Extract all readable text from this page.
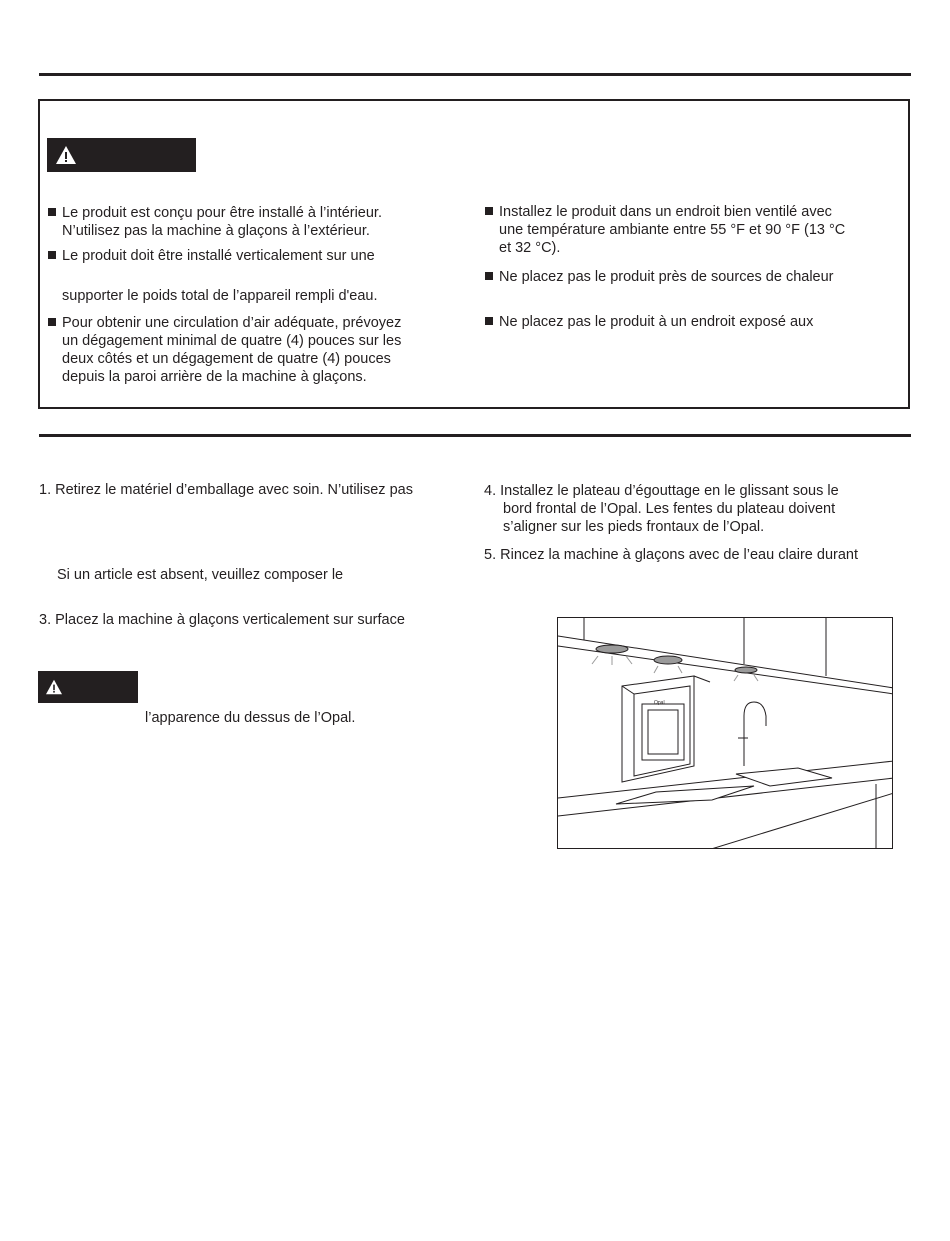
Le produit est conçu pour être installé à l’intérieur.
N’utilisez pas la machine à glaçons à l’extérieur.
Le produit doit être installé verticalement sur une
supporter le poids total de l’appareil rempli d'eau.
Pour obtenir une circulation d’air adéquate, prévoyez
un dégagement minimal de quatre (4) pouces sur les
deux côtés et un dégagement de quatre (4) pouces
depuis la paroi arrière de la machine à glaçons.
Installez le produit dans un endroit bien ventilé avec
une température ambiante entre 55 °F et 90 °F (13 °C
et 32 °C).
Ne placez pas le produit près de sources de chaleur
Ne placez pas le produit à un endroit exposé aux
1. Retirez le matériel d’emballage avec soin. N’utilisez pas
Si un article est absent, veuillez composer le
3. Placez la machine à glaçons verticalement sur surface
l’apparence du dessus de l’Opal.
4. Installez le plateau d’égouttage en le glissant sous le
bord frontal de l’Opal. Les fentes du plateau doivent
s’aligner sur les pieds frontaux de l’Opal.
5. Rincez la machine à glaçons avec de l’eau claire durant
Opal
